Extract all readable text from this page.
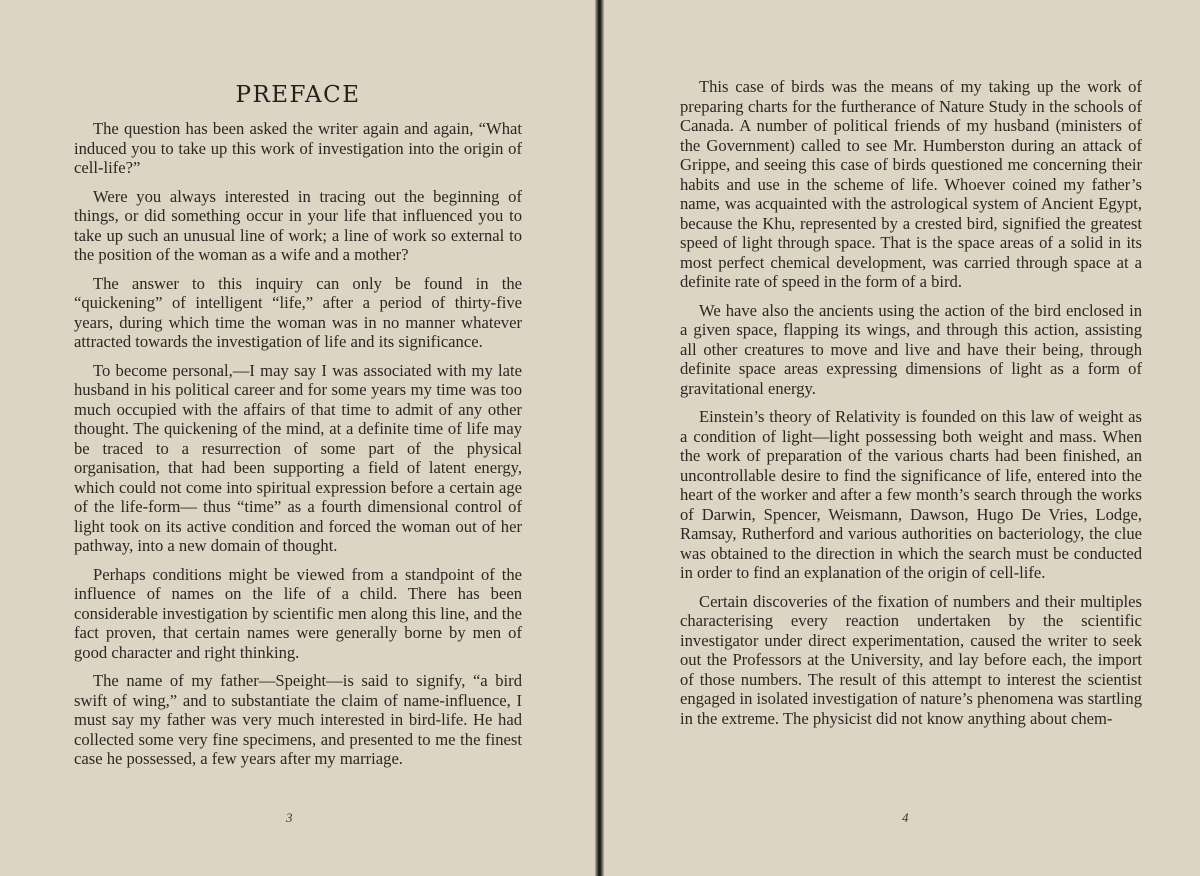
PREFACE

The question has been asked the writer again and again, “What induced you to take up this work of investigation into the origin of cell-life?”

Were you always interested in tracing out the beginning of things, or did something occur in your life that influenced you to take up such an unusual line of work; a line of work so external to the position of the woman as a wife and a mother?

The answer to this inquiry can only be found in the “quickening” of intelligent “life,” after a period of thirty-five years, during which time the woman was in no manner whatever attracted towards the investigation of life and its significance.

To become personal,—I may say I was associated with my late husband in his political career and for some years my time was too much occupied with the affairs of that time to admit of any other thought. The quickening of the mind, at a definite time of life may be traced to a resurrection of some part of the physical organisation, that had been supporting a field of latent energy, which could not come into spiritual expression before a certain age of the life-form— thus “time” as a fourth dimensional control of light took on its active condition and forced the woman out of her pathway, into a new domain of thought.

Perhaps conditions might be viewed from a standpoint of the influence of names on the life of a child. There has been considerable investigation by scientific men along this line, and the fact proven, that certain names were generally borne by men of good character and right thinking.

The name of my father—Speight—is said to signify, “a bird swift of wing,” and to substantiate the claim of name-influence, I must say my father was very much interested in bird-life. He had collected some very fine specimens, and presented to me the finest case he possessed, a few years after my marriage.

3

This case of birds was the means of my taking up the work of preparing charts for the furtherance of Nature Study in the schools of Canada. A number of political friends of my husband (ministers of the Government) called to see Mr. Humberston during an attack of Grippe, and seeing this case of birds questioned me concerning their habits and use in the scheme of life. Whoever coined my father’s name, was acquainted with the astrological system of Ancient Egypt, because the Khu, represented by a crested bird, signified the greatest speed of light through space. That is the space areas of a solid in its most perfect chemical development, was carried through space at a definite rate of speed in the form of a bird.

We have also the ancients using the action of the bird enclosed in a given space, flapping its wings, and through this action, assisting all other creatures to move and live and have their being, through definite space areas expressing dimensions of light as a form of gravitational energy.

Einstein’s theory of Relativity is founded on this law of weight as a condition of light—light possessing both weight and mass. When the work of preparation of the various charts had been finished, an uncontrollable desire to find the significance of life, entered into the heart of the worker and after a few month’s search through the works of Darwin, Spencer, Weismann, Dawson, Hugo De Vries, Lodge, Ramsay, Rutherford and various authorities on bacteriology, the clue was obtained to the direction in which the search must be conducted in order to find an explanation of the origin of cell-life.

Certain discoveries of the fixation of numbers and their multiples characterising every reaction undertaken by the scientific investigator under direct experimentation, caused the writer to seek out the Professors at the University, and lay before each, the import of those numbers. The result of this attempt to interest the scientist engaged in isolated investigation of nature’s phenomena was startling in the extreme. The physicist did not know anything about chem-

4
